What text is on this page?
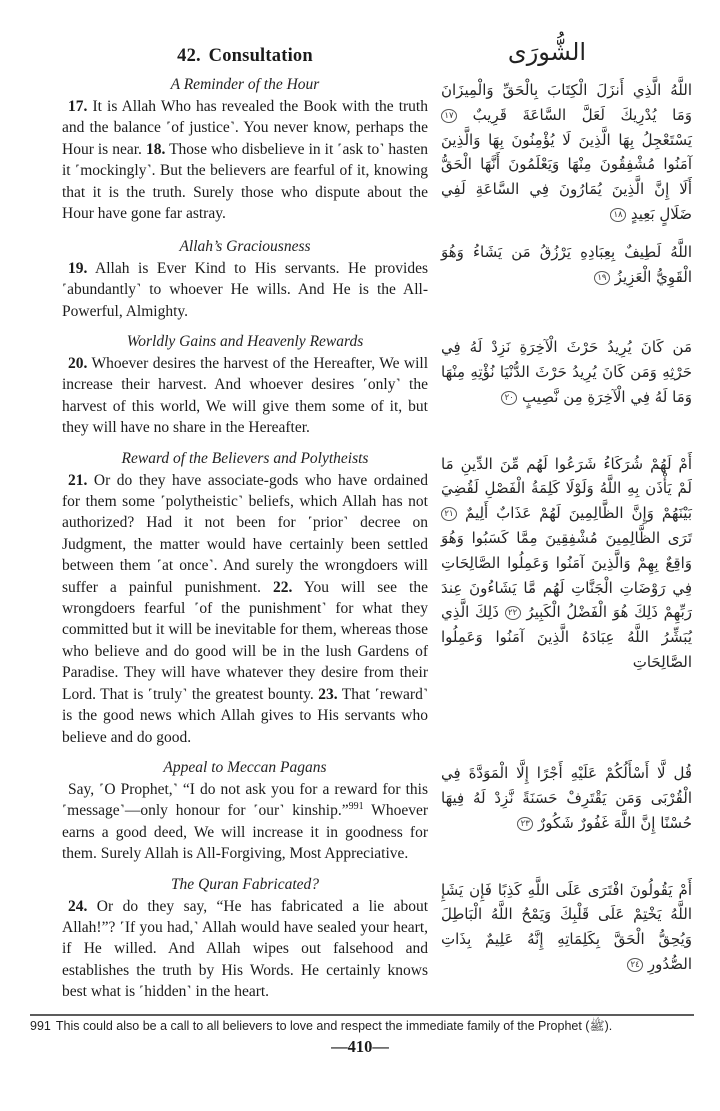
42. Consultation	الشُّورَى
A Reminder of the Hour

17. It is Allah Who has revealed the Book with the truth and the balance ˹of justice˺. You never know, perhaps the Hour is near. 18. Those who disbelieve in it ˹ask to˺ hasten it ˹mockingly˺. But the believers are fearful of it, knowing that it is the truth. Surely those who dispute about the Hour have gone far astray.

اللَّهُ الَّذِي أَنزَلَ الْكِتَابَ بِالْحَقِّ وَالْمِيزَانَ وَمَا يُدْرِيكَ لَعَلَّ السَّاعَةَ قَرِيبٌ ١٧ يَسْتَعْجِلُ بِهَا الَّذِينَ لَا يُؤْمِنُونَ بِهَا وَالَّذِينَ آمَنُوا مُشْفِقُونَ مِنْهَا وَيَعْلَمُونَ أَنَّهَا الْحَقُّ أَلَا إِنَّ الَّذِينَ يُمَارُونَ فِي السَّاعَةِ لَفِي ضَلَالٍ بَعِيدٍ ١٨
Allah’s Graciousness

19. Allah is Ever Kind to His servants. He provides ˹abundantly˺ to whoever He wills. And He is the All-Powerful, Almighty.

اللَّهُ لَطِيفٌ بِعِبَادِهِ يَرْزُقُ مَن يَشَاءُ وَهُوَ الْقَوِيُّ الْعَزِيزُ ١٩
Worldly Gains and Heavenly Rewards

20. Whoever desires the harvest of the Hereafter, We will increase their harvest. And whoever desires ˹only˺ the harvest of this world, We will give them some of it, but they will have no share in the Hereafter.

مَن كَانَ يُرِيدُ حَرْثَ الْآخِرَةِ نَزِدْ لَهُ فِي حَرْثِهِ وَمَن كَانَ يُرِيدُ حَرْثَ الدُّنْيَا نُؤْتِهِ مِنْهَا وَمَا لَهُ فِي الْآخِرَةِ مِن نَّصِيبٍ ٢٠
Reward of the Believers and Polytheists

21. Or do they have associate-gods who have ordained for them some ˹polytheistic˺ beliefs, which Allah has not authorized? Had it not been for ˹prior˺ decree on Judgment, the matter would have certainly been settled between them ˹at once˺. And surely the wrongdoers will suffer a painful punishment. 22. You will see the wrongdoers fearful ˹of the punishment˺ for what they committed but it will be inevitable for them, whereas those who believe and do good will be in the lush Gardens of Paradise. They will have whatever they desire from their Lord. That is ˹truly˺ the greatest bounty. 23. That ˹reward˺ is the good news which Allah gives to His servants who believe and do good.

أَمْ لَهُمْ شُرَكَاءُ شَرَعُوا لَهُم مِّنَ الدِّينِ مَا لَمْ يَأْذَن بِهِ اللَّهُ وَلَوْلَا كَلِمَةُ الْفَصْلِ لَقُضِيَ بَيْنَهُمْ وَإِنَّ الظَّالِمِينَ لَهُمْ عَذَابٌ أَلِيمٌ ٢١ تَرَى الظَّالِمِينَ مُشْفِقِينَ مِمَّا كَسَبُوا وَهُوَ وَاقِعٌ بِهِمْ وَالَّذِينَ آمَنُوا وَعَمِلُوا الصَّالِحَاتِ فِي رَوْضَاتِ الْجَنَّاتِ لَهُم مَّا يَشَاءُونَ عِندَ رَبِّهِمْ ذَلِكَ هُوَ الْفَضْلُ الْكَبِيرُ ٢٢ ذَلِكَ الَّذِي يُبَشِّرُ اللَّهُ عِبَادَهُ الَّذِينَ آمَنُوا وَعَمِلُوا الصَّالِحَاتِ
Appeal to Meccan Pagans

Say, ˹O Prophet,˺ “I do not ask you for a reward for this ˹message˺—only honour for ˹our˺ kinship.”$^{991}$ Whoever earns a good deed, We will increase it in goodness for them. Surely Allah is All-Forgiving, Most Appreciative.

قُل لَّا أَسْأَلُكُمْ عَلَيْهِ أَجْرًا إِلَّا الْمَوَدَّةَ فِي الْقُرْبَى وَمَن يَقْتَرِفْ حَسَنَةً نَّزِدْ لَهُ فِيهَا حُسْنًا إِنَّ اللَّهَ غَفُورٌ شَكُورٌ ٢٣
The Quran Fabricated?

24. Or do they say, “He has fabricated a lie about Allah!”? ˹If you had,˺ Allah would have sealed your heart, if He willed. And Allah wipes out falsehood and establishes the truth by His Words. He certainly knows best what is ˹hidden˺ in the heart.

أَمْ يَقُولُونَ افْتَرَى عَلَى اللَّهِ كَذِبًا فَإِن يَشَإِ اللَّهُ يَخْتِمْ عَلَى قَلْبِكَ وَيَمْحُ اللَّهُ الْبَاطِلَ وَيُحِقُّ الْحَقَّ بِكَلِمَاتِهِ إِنَّهُ عَلِيمٌ بِذَاتِ الصُّدُورِ ٢٤
991 This could also be a call to all believers to love and respect the immediate family of the Prophet (ﷺ).
—410—
